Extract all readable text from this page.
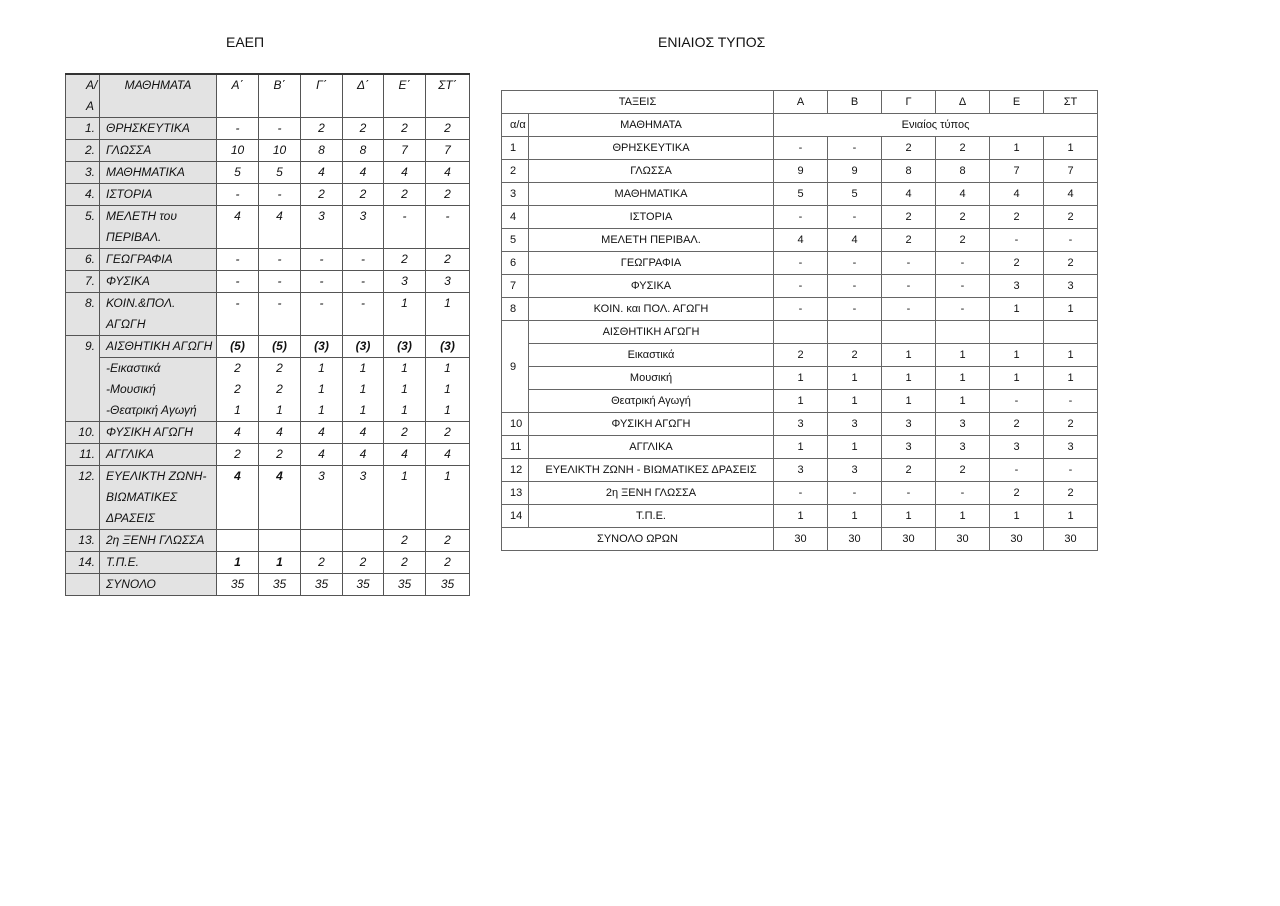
ΕΑΕΠ	ΕΝΙΑΙΟΣ ΤΥΠΟΣ
Α/Α	ΜΑΘΗΜΑΤΑ	Α΄	Β΄	Γ΄	Δ΄	Ε΄	ΣΤ΄
1.	ΘΡΗΣΚΕΥΤΙΚΑ	-	-	2	2	2	2
2.	ΓΛΩΣΣΑ	10	10	8	8	7	7
3.	ΜΑΘΗΜΑΤΙΚΑ	5	5	4	4	4	4
4.	ΙΣΤΟΡΙΑ	-	-	2	2	2	2
5.	ΜΕΛΕΤΗ του
ΠΕΡΙΒΑΛ.	4	4	3	3	-	-
6.	ΓΕΩΓΡΑΦΙΑ	-	-	-	-	2	2
7.	ΦΥΣΙΚΑ	-	-	-	-	3	3
8.	ΚΟΙΝ.&ΠΟΛ. ΑΓΩΓΗ	-	-	-	-	1	1
9.	ΑΙΣΘΗΤΙΚΗ ΑΓΩΓΗ	(5)	(5)	(3)	(3)	(3)	(3)
	-Εικαστικά	2	2	1	1	1	1
	-Μουσική	2	2	1	1	1	1
	-Θεατρική Αγωγή	1	1	1	1	1	1
10.	ΦΥΣΙΚΗ ΑΓΩΓΗ	4	4	4	4	2	2
11.	ΑΓΓΛΙΚΑ	2	2	4	4	4	4
12.	ΕΥΕΛΙΚΤΗ ΖΩΝΗ-
ΒΙΩΜΑΤΙΚΕΣ
ΔΡΑΣΕΙΣ	4	4	3	3	1	1
13.	2η ΞΕΝΗ ΓΛΩΣΣΑ					2	2
14.	Τ.Π.Ε.	1	1	2	2	2	2

	ΣΥΝΟΛΟ	35	35	35	35	35	35
ΤΑΞΕΙΣ		Α	Β	Γ	Δ	Ε	ΣΤ
α/α	ΜΑΘΗΜΑΤΑ	Ενιαίος τύπος					
1	ΘΡΗΣΚΕΥΤΙΚΑ	-	-	2	2	1	1
2	ΓΛΩΣΣΑ	9	9	8	8	7	7
3	ΜΑΘΗΜΑΤΙΚΑ	5	5	4	4	4	4
4	ΙΣΤΟΡΙΑ	-	-	2	2	2	2
5	ΜΕΛΕΤΗ ΠΕΡΙΒΑΛ.	4	4	2	2	-	-
6	ΓΕΩΓΡΑΦΙΑ	-	-	-	-	2	2
7	ΦΥΣΙΚΑ	-	-	-	-	3	3
8	ΚΟΙΝ. και ΠΟΛ. ΑΓΩΓΗ	-	-	-	-	1	1
9	ΑΙΣΘΗΤΙΚΗ ΑΓΩΓΗ						
	Εικαστικά	2	2	1	1	1	1
	Μουσική	1	1	1	1	1	1
	Θεατρική Αγωγή	1	1	1	1	-	-
10	ΦΥΣΙΚΗ ΑΓΩΓΗ	3	3	3	3	2	2
11	ΑΓΓΛΙΚΑ	1	1	3	3	3	3
12	ΕΥΕΛΙΚΤΗ ΖΩΝΗ - ΒΙΩΜΑΤΙΚΕΣ ΔΡΑΣΕΙΣ	3	3	2	2	-	-
13	2η ΞΕΝΗ ΓΛΩΣΣΑ	-	-	-	-	2	2
14	Τ.Π.Ε.	1	1	1	1	1	1
ΣΥΝΟΛΟ ΩΡΩΝ		30	30	30	30	30	30
